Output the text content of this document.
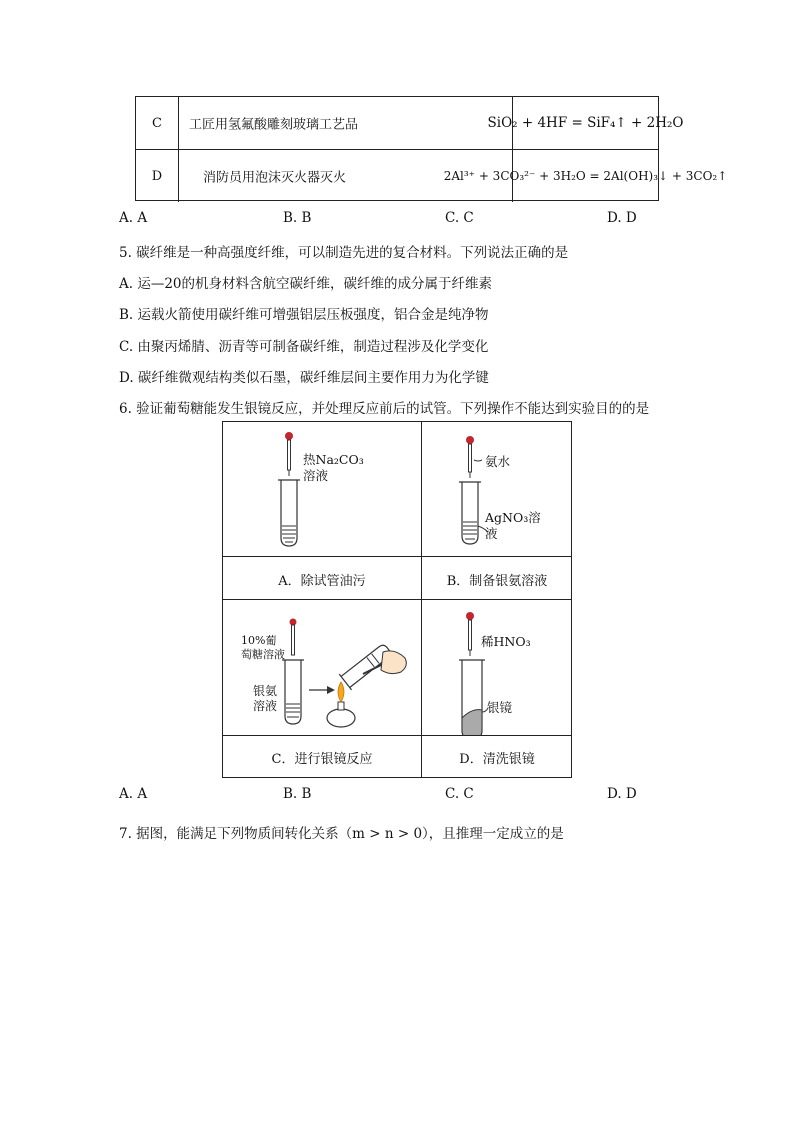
C	工匠用氢氟酸雕刻玻璃工艺品	SiO₂ + 4HF = SiF₄↑ + 2H₂O
D	消防员用泡沫灭火器灭火	2Al³⁺ + 3CO₃²⁻ + 3H₂O = 2Al(OH)₃↓ + 3CO₂↑
A. A	B. B	C. C	D. D
5. 碳纤维是一种高强度纤维，可以制造先进的复合材料。下列说法正确的是
A. 运—20的机身材料含航空碳纤维，碳纤维的成分属于纤维素
B. 运载火箭使用碳纤维可增强铝层压板强度，铝合金是纯净物
C. 由聚丙烯腈、沥青等可制备碳纤维，制造过程涉及化学变化
D. 碳纤维微观结构类似石墨，碳纤维层间主要作用力为化学键
6. 验证葡萄糖能发生银镜反应，并处理反应前后的试管。下列操作不能达到实验目的的是
热Na₂CO₃溶液
A．除试管油污
氨水
AgNO₃溶液
B．制备银氨溶液
10%葡萄糖溶液
银氨溶液
C．进行银镜反应
稀HNO₃
银镜
D．清洗银镜
A. A	B. B	C. C	D. D
7. 据图，能满足下列物质间转化关系（m > n > 0），且推理一定成立的是
